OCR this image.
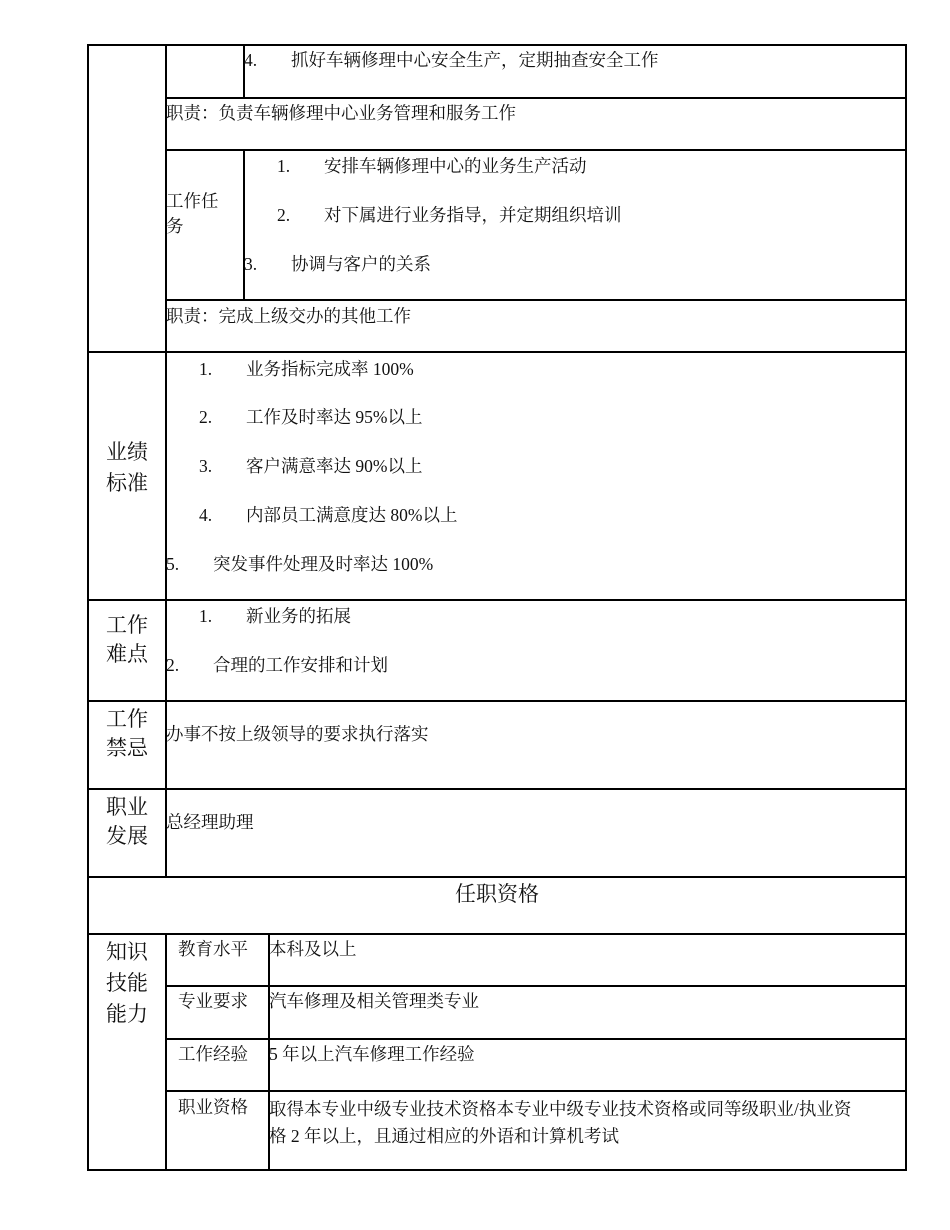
4. 抓好车辆修理中心安全生产，定期抽查安全工作
职责：负责车辆修理中心业务管理和服务工作
工作任
务
1. 安排车辆修理中心的业务生产活动
2. 对下属进行业务指导，并定期组织培训
3. 协调与客户的关系
职责：完成上级交办的其他工作
业绩
标准
1. 业务指标完成率 100%
2. 工作及时率达 95%以上
3. 客户满意率达 90%以上
4. 内部员工满意度达 80%以上
5. 突发事件处理及时率达 100%
工作
难点
1. 新业务的拓展
2. 合理的工作安排和计划
工作
禁忌
办事不按上级领导的要求执行落实
职业
发展
总经理助理
任职资格
知识
技能
能力
教育水平 本科及以上
专业要求 汽车修理及相关管理类专业
工作经验 5 年以上汽车修理工作经验
职业资格 取得本专业中级专业技术资格本专业中级专业技术资格或同等级职业/执业资
格 2 年以上，且通过相应的外语和计算机考试
